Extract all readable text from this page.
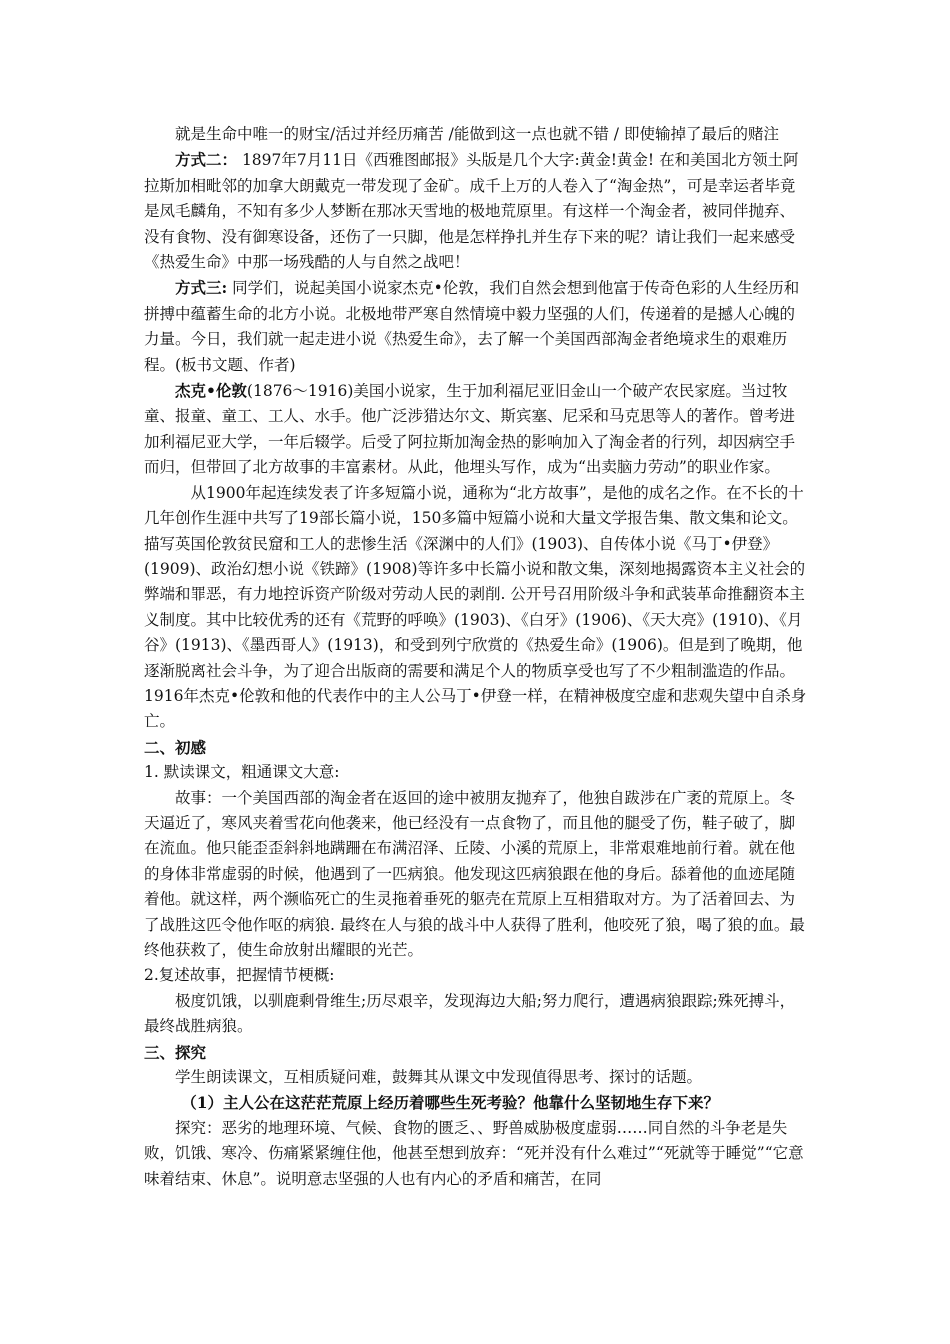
就是生命中唯一的财宝/活过并经历痛苦 /能做到这一点也就不错 / 即使输掉了最后的赌注

方式二： 1897年7月11日《西雅图邮报》头版是几个大字:黄金!黄金! 在和美国北方领土阿拉斯加相毗邻的加拿大朗戴克一带发现了金矿。成千上万的人卷入了“淘金热”，可是幸运者毕竟是凤毛麟角，不知有多少人梦断在那冰天雪地的极地荒原里。有这样一个淘金者，被同伴抛弃、没有食物、没有御寒设备，还伤了一只脚，他是怎样挣扎并生存下来的呢？请让我们一起来感受《热爱生命》中那一场残酷的人与自然之战吧！

方式三: 同学们，说起美国小说家杰克•伦敦，我们自然会想到他富于传奇色彩的人生经历和拼搏中蕴蓄生命的北方小说。北极地带严寒自然情境中毅力坚强的人们，传递着的是撼人心魄的力量。今日，我们就一起走进小说《热爱生命》，去了解一个美国西部淘金者绝境求生的艰难历程。(板书文题、作者)

杰克•伦敦(1876～1916)美国小说家，生于加利福尼亚旧金山一个破产农民家庭。当过牧童、报童、童工、工人、水手。他广泛涉猎达尔文、斯宾塞、尼采和马克思等人的著作。曾考进加利福尼亚大学，一年后辍学。后受了阿拉斯加淘金热的影响加入了淘金者的行列，却因病空手而归，但带回了北方故事的丰富素材。从此，他埋头写作，成为“出卖脑力劳动”的职业作家。

从1900年起连续发表了许多短篇小说，通称为“北方故事”，是他的成名之作。在不长的十几年创作生涯中共写了19部长篇小说，150多篇中短篇小说和大量文学报告集、散文集和论文。描写英国伦敦贫民窟和工人的悲惨生活《深渊中的人们》(1903)、自传体小说《马丁•伊登》(1909)、政治幻想小说《铁蹄》(1908)等许多中长篇小说和散文集，深刻地揭露资本主义社会的弊端和罪恶，有力地控诉资产阶级对劳动人民的剥削. 公开号召用阶级斗争和武装革命推翻资本主义制度。其中比较优秀的还有《荒野的呼唤》(1903)、《白牙》(1906)、《天大亮》(1910)、《月谷》(1913)、《墨西哥人》(1913)，和受到列宁欣赏的《热爱生命》(1906)。但是到了晚期，他逐渐脱离社会斗争，为了迎合出版商的需要和满足个人的物质享受也写了不少粗制滥造的作品。1916年杰克•伦敦和他的代表作中的主人公马丁•伊登一样，在精神极度空虚和悲观失望中自杀身亡。

二、初感

1. 默读课文，粗通课文大意:

故事：一个美国西部的淘金者在返回的途中被朋友抛弃了，他独自跋涉在广袤的荒原上。冬天逼近了，寒风夹着雪花向他袭来，他已经没有一点食物了，而且他的腿受了伤，鞋子破了，脚在流血。他只能歪歪斜斜地蹒跚在布满沼泽、丘陵、小溪的荒原上，非常艰难地前行着。就在他的身体非常虚弱的时候，他遇到了一匹病狼。他发现这匹病狼跟在他的身后。舔着他的血迹尾随着他。就这样，两个濒临死亡的生灵拖着垂死的躯壳在荒原上互相猎取对方。为了活着回去、为了战胜这匹令他作呕的病狼. 最终在人与狼的战斗中人获得了胜利，他咬死了狼，喝了狼的血。最终他获救了，使生命放射出耀眼的光芒。

2.复述故事，把握情节梗概:

极度饥饿，以驯鹿剩骨维生;历尽艰辛，发现海边大船;努力爬行，遭遇病狼跟踪;殊死搏斗，最终战胜病狼。

三、探究

学生朗读课文，互相质疑问难，鼓舞其从课文中发现值得思考、探讨的话题。

（1）主人公在这茫茫荒原上经历着哪些生死考验？他靠什么坚韧地生存下来？

探究：恶劣的地理环境、气候、食物的匮乏、、野兽威胁极度虚弱……同自然的斗争老是失败，饥饿、寒冷、伤痛紧紧缠住他，他甚至想到放弃：“死并没有什么难过”“死就等于睡觉”“它意味着结束、休息”。说明意志坚强的人也有内心的矛盾和痛苦，在同
